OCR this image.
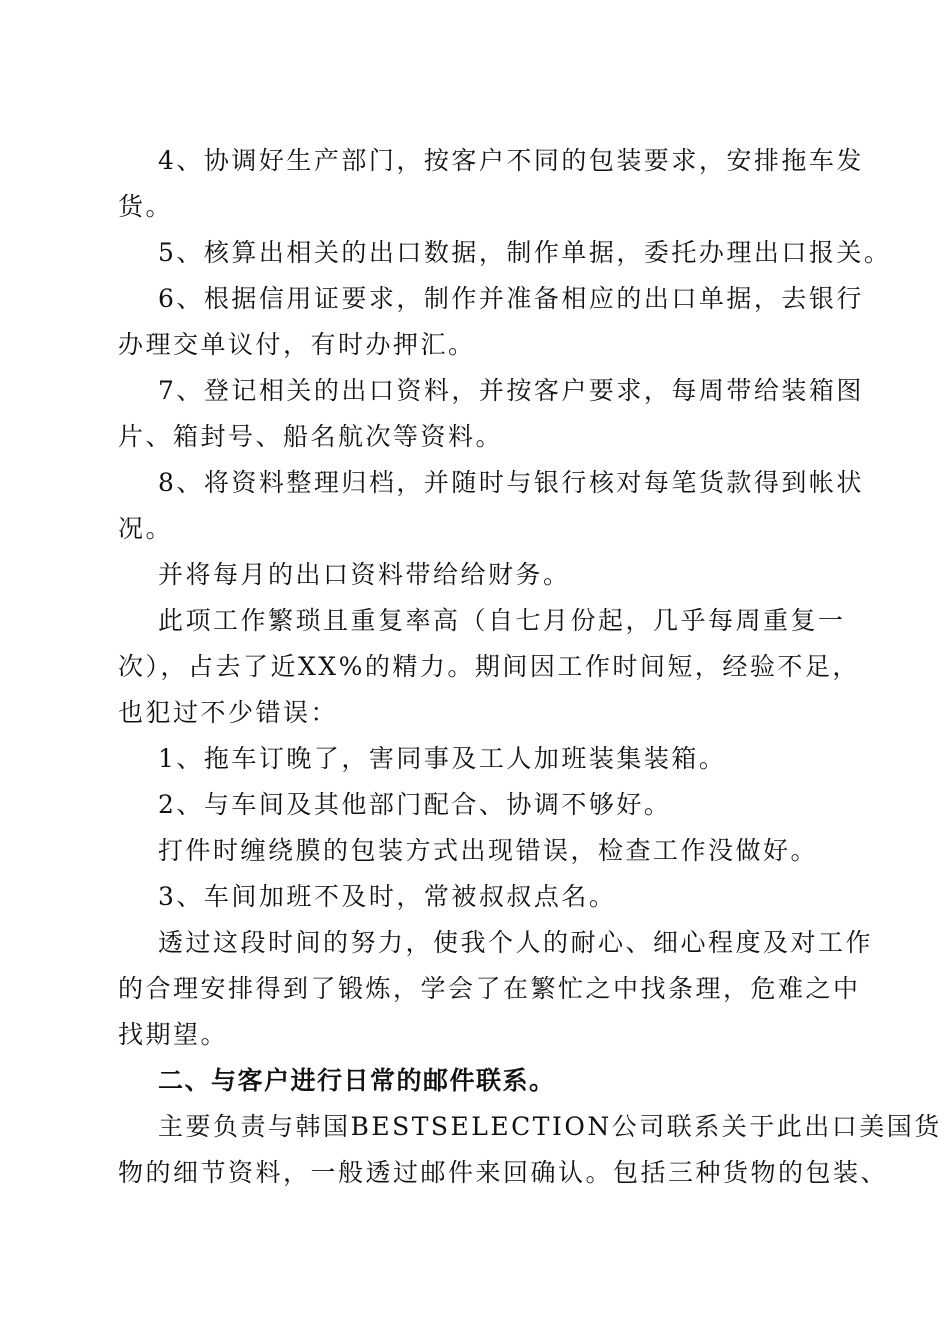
4、协调好生产部门，按客户不同的包装要求，安排拖车发
货。
5、核算出相关的出口数据，制作单据，委托办理出口报关。
6、根据信用证要求，制作并准备相应的出口单据，去银行
办理交单议付，有时办押汇。
7、登记相关的出口资料，并按客户要求，每周带给装箱图
片、箱封号、船名航次等资料。
8、将资料整理归档，并随时与银行核对每笔货款得到帐状
况。
并将每月的出口资料带给给财务。
此项工作繁琐且重复率高（自七月份起，几乎每周重复一
次），占去了近XX%的精力。期间因工作时间短，经验不足，
也犯过不少错误：
1、拖车订晚了，害同事及工人加班装集装箱。
2、与车间及其他部门配合、协调不够好。
打件时缠绕膜的包装方式出现错误，检查工作没做好。
3、车间加班不及时，常被叔叔点名。
透过这段时间的努力，使我个人的耐心、细心程度及对工作
的合理安排得到了锻炼，学会了在繁忙之中找条理，危难之中
找期望。
二、与客户进行日常的邮件联系。
主要负责与韩国BESTSELECTION公司联系关于此出口美国货
物的细节资料，一般透过邮件来回确认。包括三种货物的包装、
